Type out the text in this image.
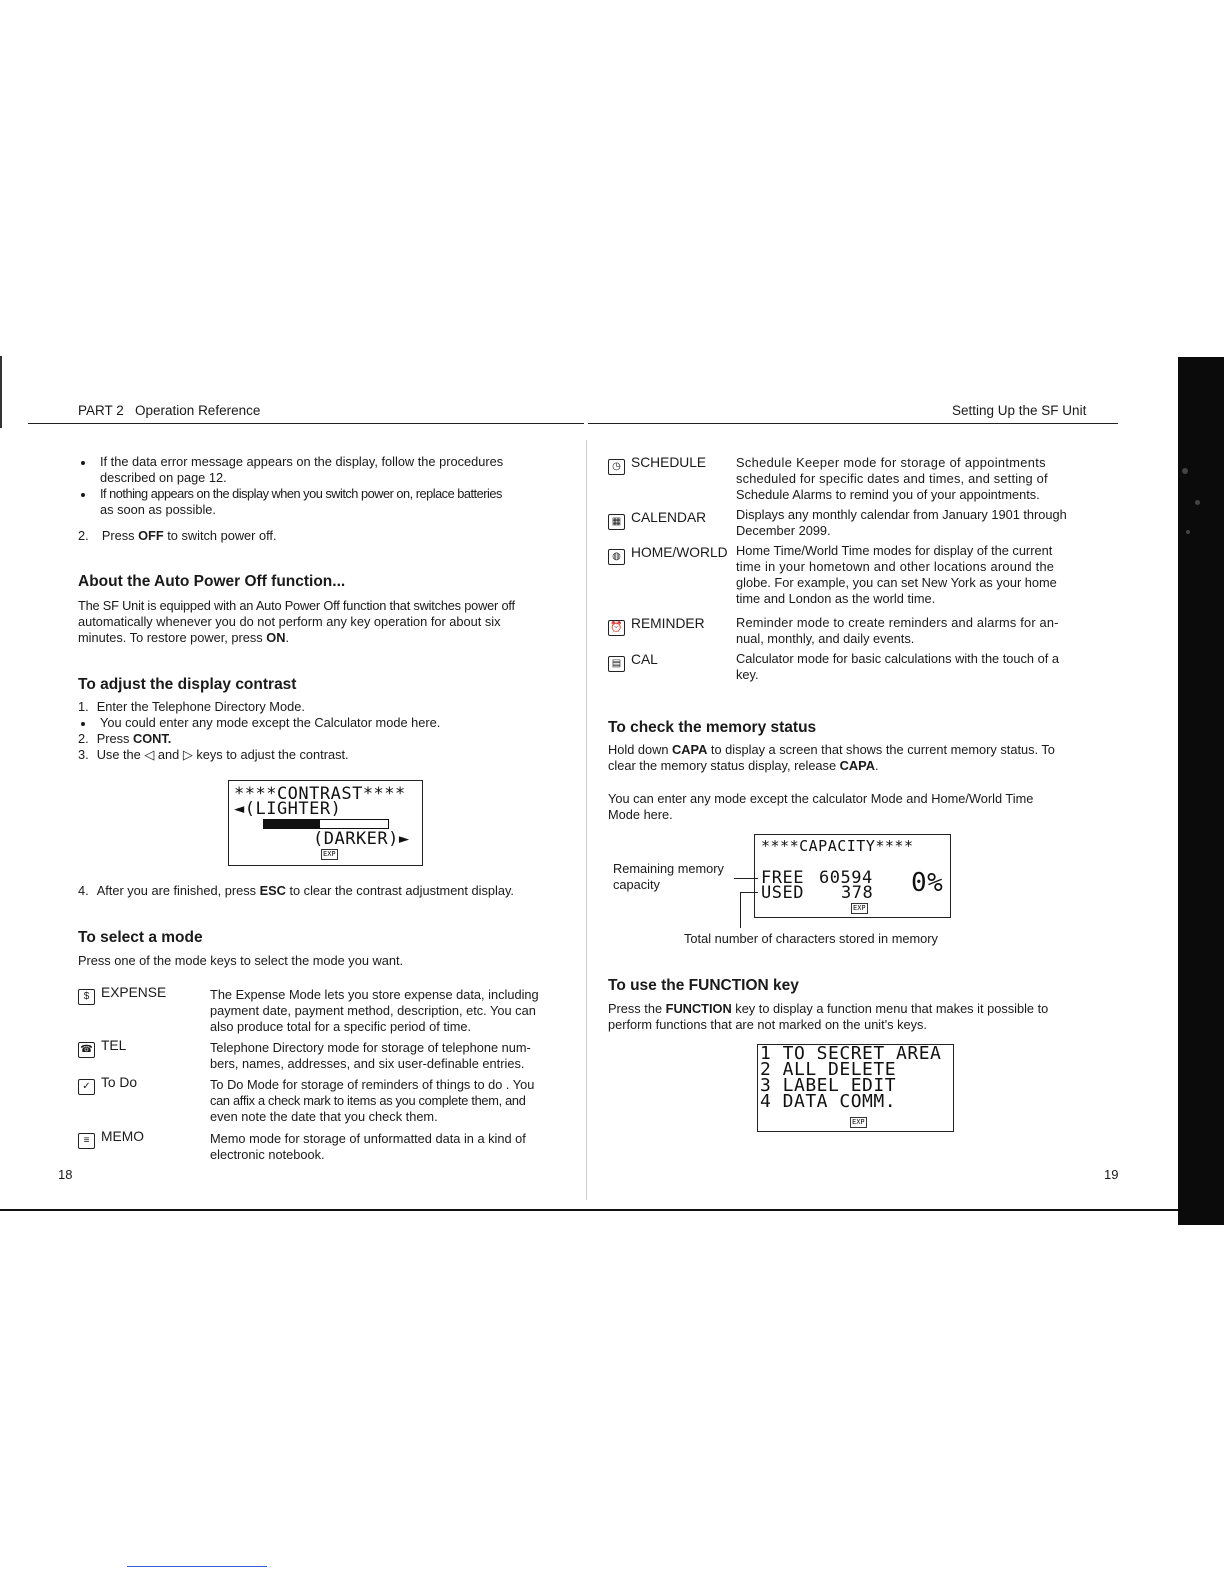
PART 2   Operation Reference	Setting Up the SF Unit
If the data error message appears on the display, follow the procedures
described on page 12.
If nothing appears on the display when you switch power on, replace batteries
as soon as possible.
2. Press OFF to switch power off.
About the Auto Power Off function...
The SF Unit is equipped with an Auto Power Off function that switches power off
automatically whenever you do not perform any key operation for about six
minutes. To restore power, press ON.
To adjust the display contrast
1. Enter the Telephone Directory Mode.
You could enter any mode except the Calculator mode here.
2. Press CONT.
3. Use the ◁ and ▷ keys to adjust the contrast.
****CONTRAST****
◄(LIGHTER)
(DARKER)►
EXP
4. After you are finished, press ESC to clear the contrast adjustment display.
To select a mode
Press one of the mode keys to select the mode you want.
$ EXPENSE	The Expense Mode lets you store expense data, including
payment date, payment method, description, etc. You can
also produce total for a specific period of time.
☎ TEL	Telephone Directory mode for storage of telephone num-
bers, names, addresses, and six user-definable entries.
✓ To Do	To Do Mode for storage of reminders of things to do . You
can affix a check mark to items as you complete them, and
even note the date that you check them.
≡ MEMO	Memo mode for storage of unformatted data in a kind of
electronic notebook.
18
◷ SCHEDULE Schedule Keeper mode for storage of appointments
scheduled for specific dates and times, and setting of
Schedule Alarms to remind you of your appointments.
▦ CALENDAR Displays any monthly calendar from January 1901 through
December 2099.
◍ HOME/WORLD Home Time/World Time modes for display of the current
time in your hometown and other locations around the
globe. For example, you can set New York as your home
time and London as the world time.
⏰ REMINDER Reminder mode to create reminders and alarms for an-
nual, monthly, and daily events.
▤ CAL	Calculator mode for basic calculations with the touch of a
key.
To check the memory status
Hold down CAPA to display a screen that shows the current memory status. To
clear the memory status display, release CAPA.
You can enter any mode except the calculator Mode and Home/World Time
Mode here.
****CAPACITY****
FREE 60594
USED 378 0%
EXP
Remaining memory
capacity
Total number of characters stored in memory
To use the FUNCTION key
Press the FUNCTION key to display a function menu that makes it possible to
perform functions that are not marked on the unit's keys.
1 TO SECRET AREA
2 ALL DELETE
3 LABEL EDIT
4 DATA COMM.
EXP
19
